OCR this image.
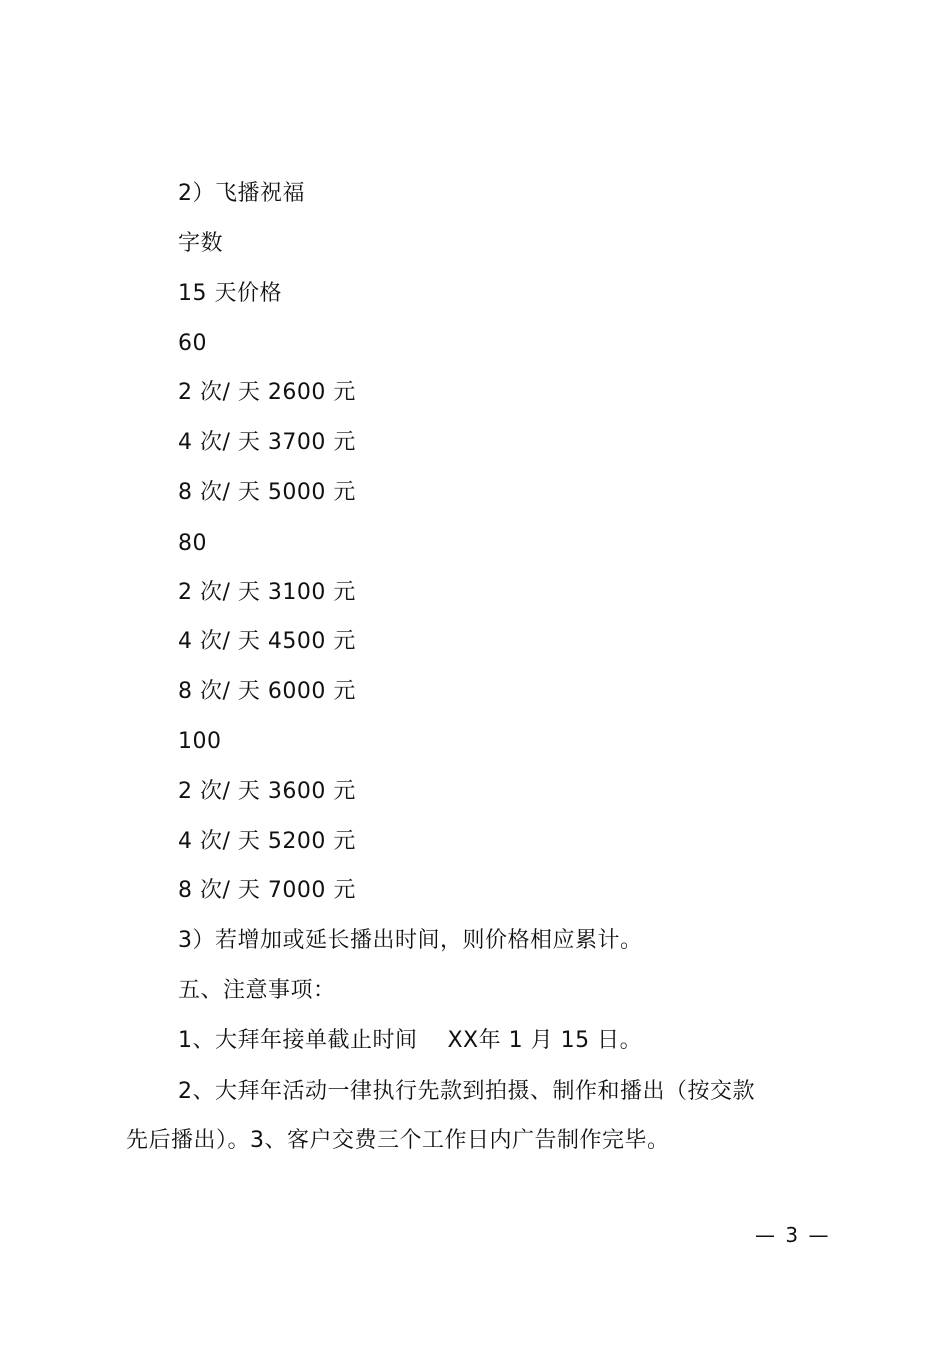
2）飞播祝福
字数
15 天价格
60
2 次/ 天 2600 元
4 次/ 天 3700 元
8 次/ 天 5000 元
80
2 次/ 天 3100 元
4 次/ 天 4500 元
8 次/ 天 6000 元
100
2 次/ 天 3600 元
4 次/ 天 5200 元
8 次/ 天 7000 元
3）若增加或延长播出时间，则价格相应累计。
五、注意事项：
1、大拜年接单截止时间　 XX年 1 月 15 日。
2、大拜年活动一律执行先款到拍摄、制作和播出（按交款先后播出）。3、客户交费三个工作日内广告制作完毕。
— 3 —
